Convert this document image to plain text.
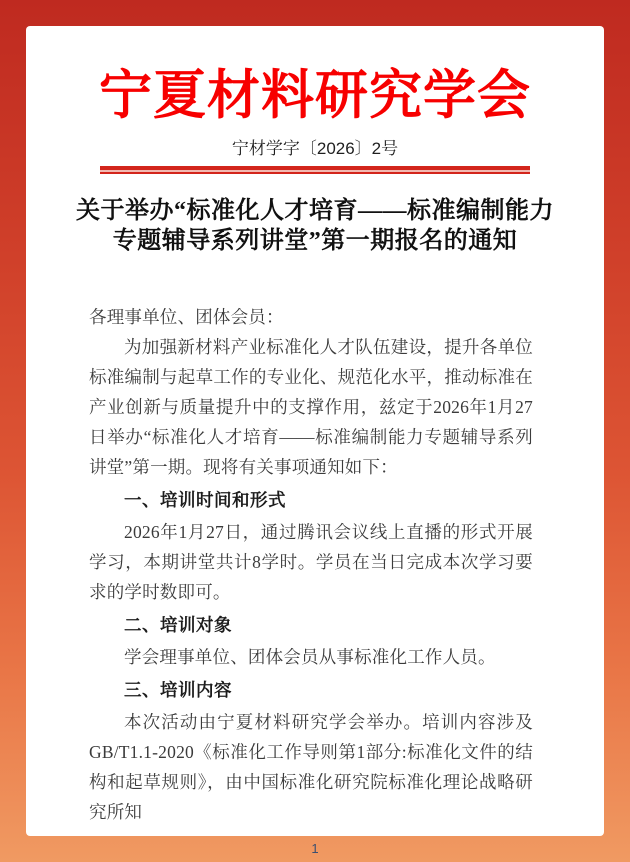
宁夏材料研究学会
宁材学字〔2026〕2号
关于举办“标准化人才培育——标准编制能力专题辅导系列讲堂”第一期报名的通知

各理事单位、团体会员：

为加强新材料产业标准化人才队伍建设，提升各单位标准编制与起草工作的专业化、规范化水平，推动标准在产业创新与质量提升中的支撑作用，兹定于2026年1月27日举办“标准化人才培育——标准编制能力专题辅导系列讲堂”第一期。现将有关事项通知如下：

一、培训时间和形式

2026年1月27日，通过腾讯会议线上直播的形式开展学习，本期讲堂共计8学时。学员在当日完成本次学习要求的学时数即可。

二、培训对象

学会理事单位、团体会员从事标准化工作人员。

三、培训内容

本次活动由宁夏材料研究学会举办。培训内容涉及GB/T1.1-2020《标准化工作导则第1部分:标准化文件的结构和起草规则》，由中国标准化研究院标准化理论战略研究所知

1
